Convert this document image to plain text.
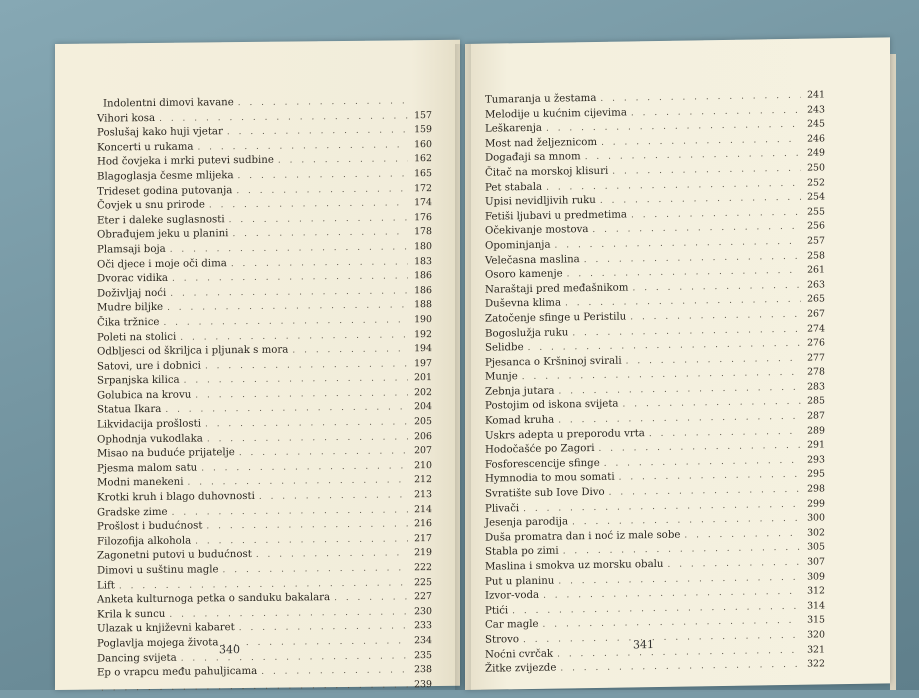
Indolentni dimovi kavane
. . .
Vihori kosa . . .	157
Poslušaj kako huji vjetar . . .	159
Koncerti u rukama . . .	160
Hod čovjeka i mrki putevi sudbine . . .	162
Blagoglasja česme mlijeka . . .	165
Trideset godina putovanja . . .	172
Čovjek u snu prirode . . .	174
Eter i daleke suglasnosti . . .	176
Obrađujem jeku u planini . . .	178
Plamsaji boja . . .	180
Oči djece i moje oči dima . . .	183
Dvorac vidika . . .	186
Doživljaj noći . . .	186
Mudre biljke . . .	188
Čika tržnice . . .	190
Poleti na stolici . . .	192
Odbljesci od škriljca i pljunak s mora . . .	194
Satovi, ure i dobnici . . .	197
Srpanjska kilica . . .	201
Golubica na krovu . . .	202
Statua Ikara . . .	204
Likvidacija prošlosti . . .	205
Ophodnja vukodlaka . . .	206
Misao na buduće prijateljе . . .	207
Pjesma malom satu . . .	210
Modni manekeni . . .	212
Krotki kruh i blago duhovnosti . . .	213
Gradske zime . . .	214
Prošlost i budućnost . . .	216
Filozofija alkohola . . .	217
Zagonetni putovi u budućnost . . .	219
Dimovi u suštinu magle . . .	222
Lift . . .	225
Anketa kulturnoga petka o sanduku bakalara . . .	227
Krila k suncu . . .	230
Ulazak u književni kabaret . . .	233
Poglavlja mojega života . . .	234
Dancing svijeta . . .	235
Ep o vrapcu među pahuljicama . . .	238
. . .
239
340
Tumaranja u žestama . . .	241
Melodije u kućnim cijevima . . .	243
Leškarenja . . .	245
Most nad željeznicom . . .	246
Događaji sa mnom . . .	249
Čitač na morskoj klisuri . . .	250
Pet stabala . . .	252
Upisi nevidljivih ruku . . .	254
Fetiši ljubavi u predmetima . . .	255
Očekivanje mostova . . .	256
Opominjanja . . .	257
Velečasna maslina . . .	258
Osoro kamenje . . .	261
Naraštaji pred međašnikom . . .	263
Duševna klima . . .	265
Zatočenje sfinge u Peristilu . . .	267
Bogoslužja ruku . . .	274
Selidbe . . .	276
Pjesanca o Kršninoj svirali . . .	277
Munje . . .	278
Zebnja jutara . . .	283
Postojim od iskona svijeta . . .	285
Komad kruha . . .	287
Uskrs adepta u preporodu vrta . . .	289
Hodočašće po Zagori . . .	291
Fosforescencije sfinge . . .	293
Hymnodia to mou somati . . .	295
Svratište sub Iove Divo . . .	298
Plivači . . .	299
Jesenja parodija . . .	300
Duša promatra dan i noć iz male sobe . . .	302
Stabla po zimi . . .	305
Maslina i smokva uz morsku obalu . . .	307
Put u planinu . . .	309
Izvor-voda . . .	312
Ptići . . .	314
Car magle . . .	315
Strovo . . .	320
Noćni cvrčak . . .	321
Žitke zvijezde . . .	322
341
